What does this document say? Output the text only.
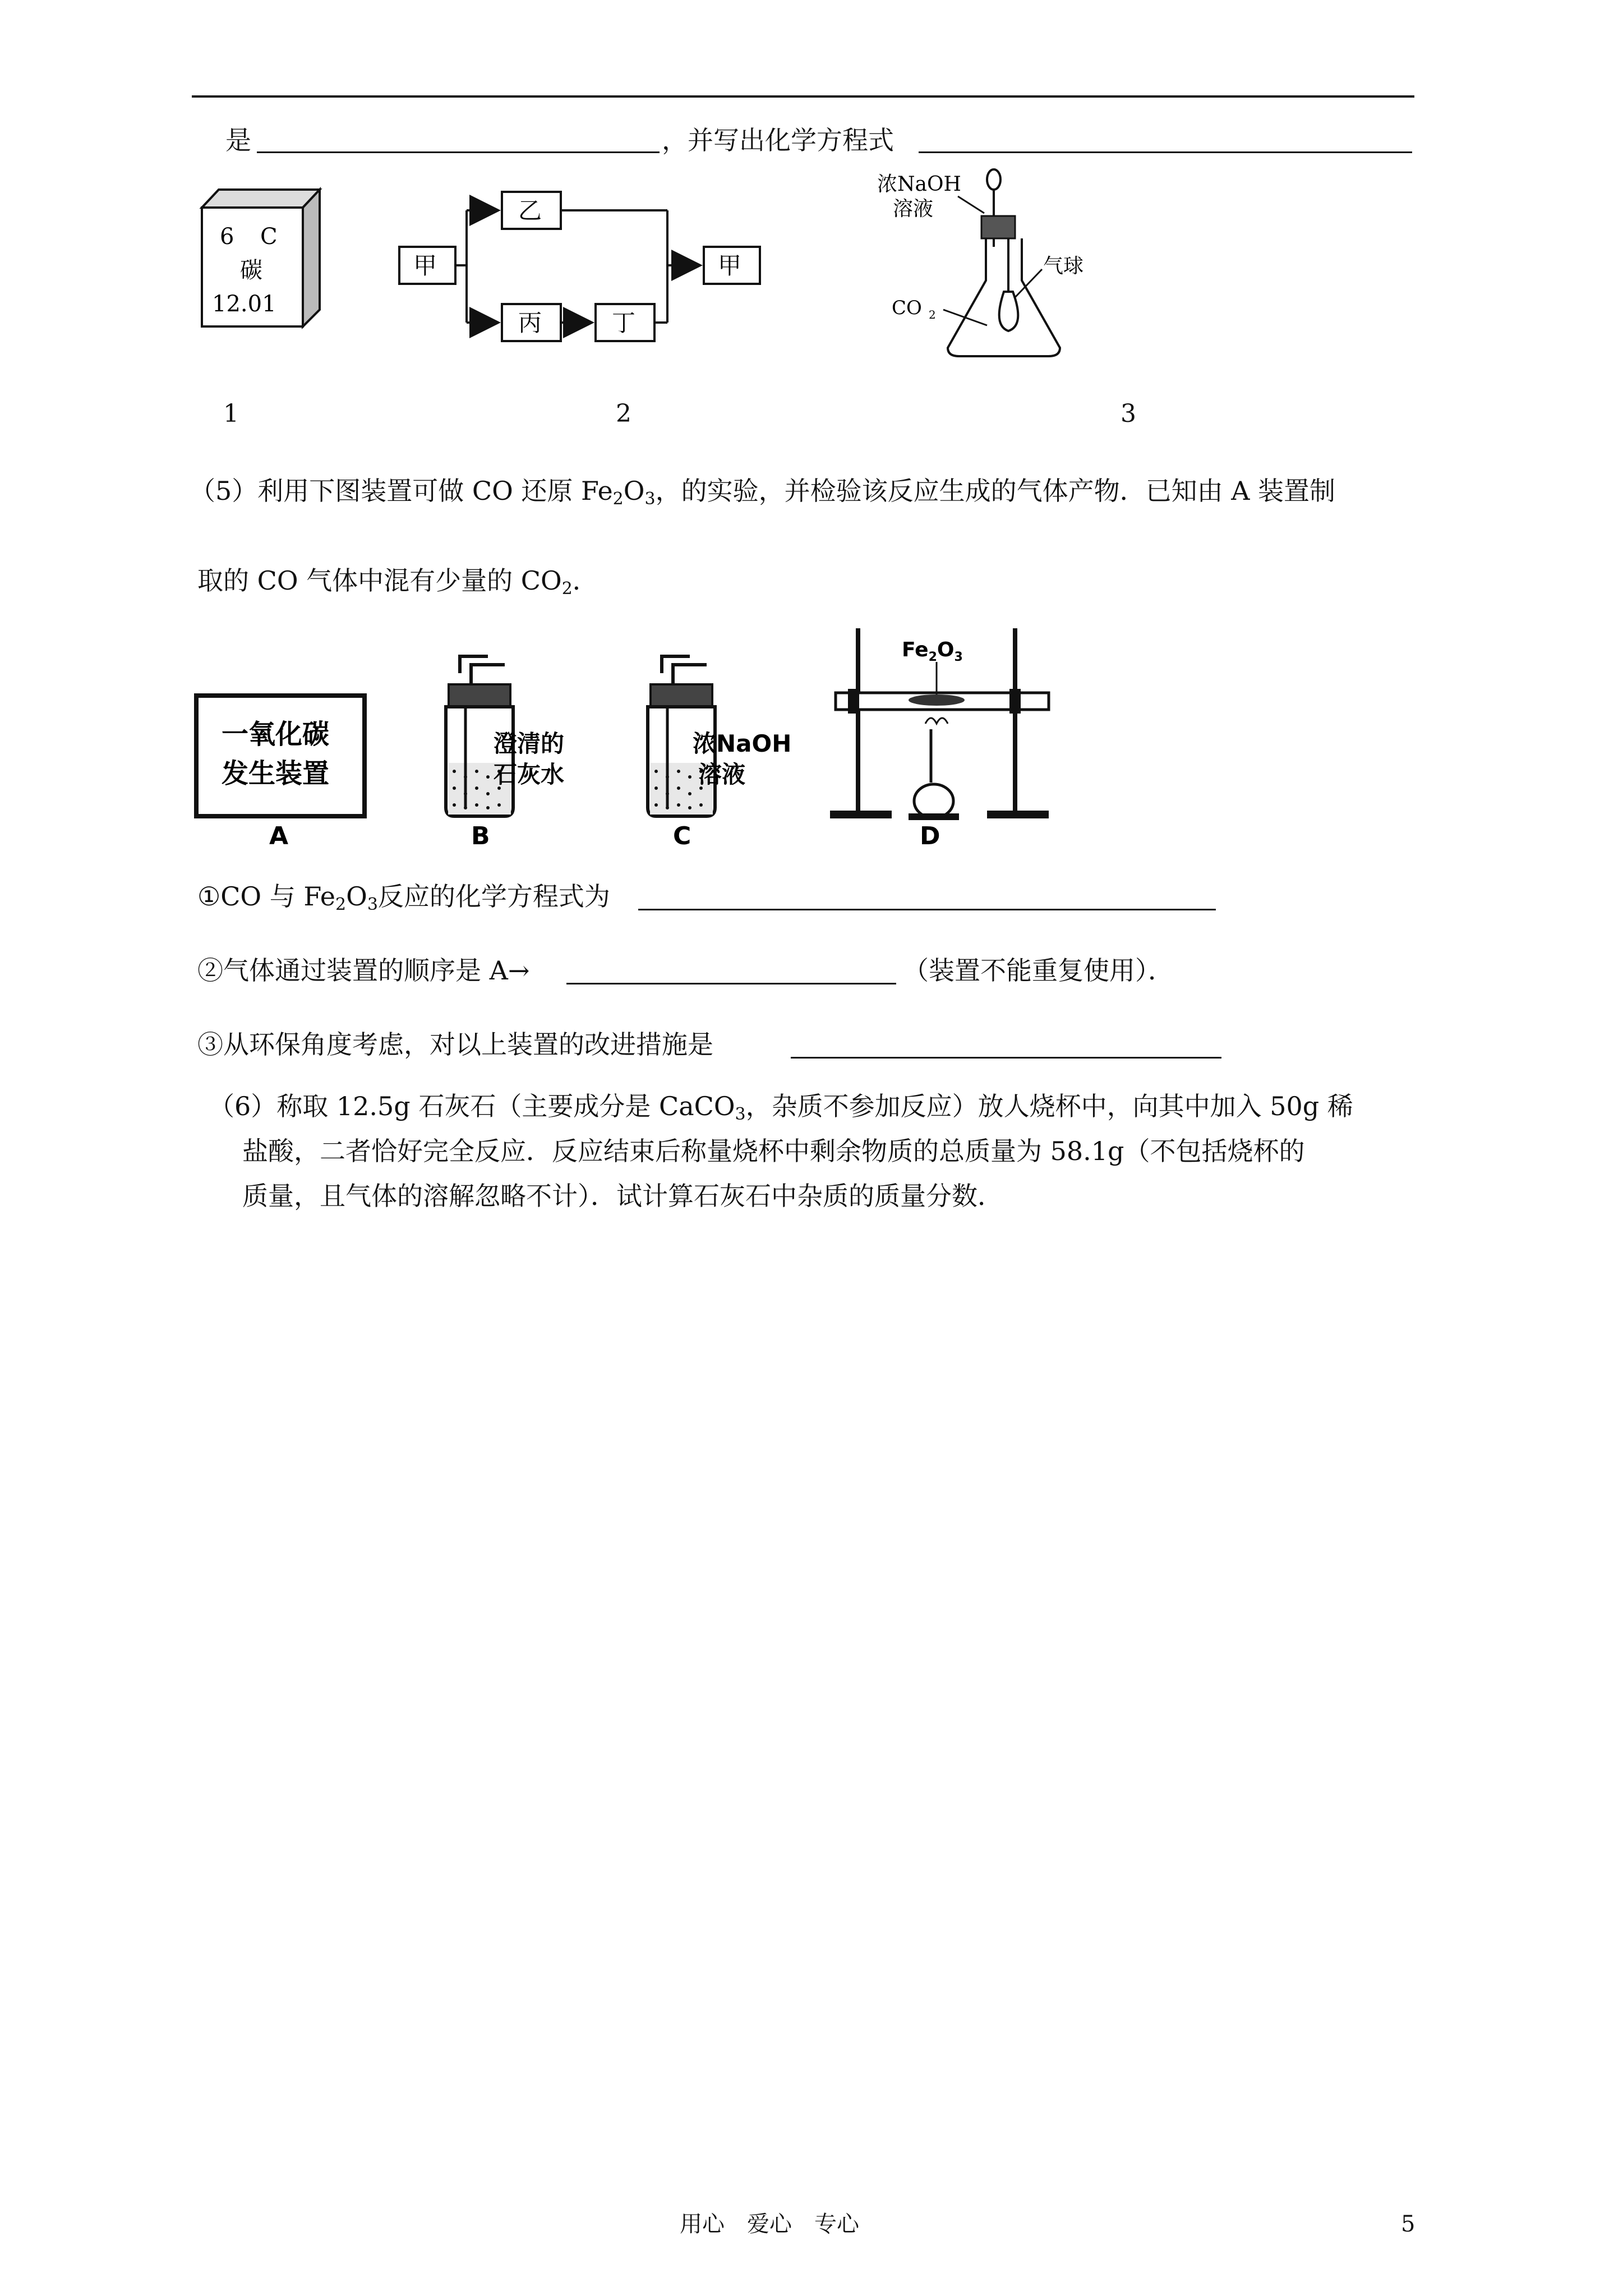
是	，并写出化学方程式
6 C
碳
12.01
甲
乙
丙	丁
甲
浓NaOH
溶液
气球
CO 2
1	2	3
（5）利用下图装置可做 CO 还原 $Fe_2O_3$，的实验，并检验该反应生成的气体产物．已知由 A 装置制
取的 CO 气体中混有少量的 $CO_2$．
一氧化碳
发生装置
A
澄清的
石灰水
B
浓NaOH
溶液
C
$Fe_2O_3$
D
①CO 与 $Fe_2O_3$反应的化学方程式为
②气体通过装置的顺序是 A→	（装置不能重复使用）．
③从环保角度考虑，对以上装置的改进措施是
（6）称取 12.5g 石灰石（主要成分是 CaCO$_3$，杂质不参加反应）放人烧杯中，向其中加入 50g 稀
盐酸，二者恰好完全反应．反应结束后称量烧杯中剩余物质的总质量为 58.1g（不包括烧杯的
质量，且气体的溶解忽略不计）．试计算石灰石中杂质的质量分数．
用心　爱心　专心	5
